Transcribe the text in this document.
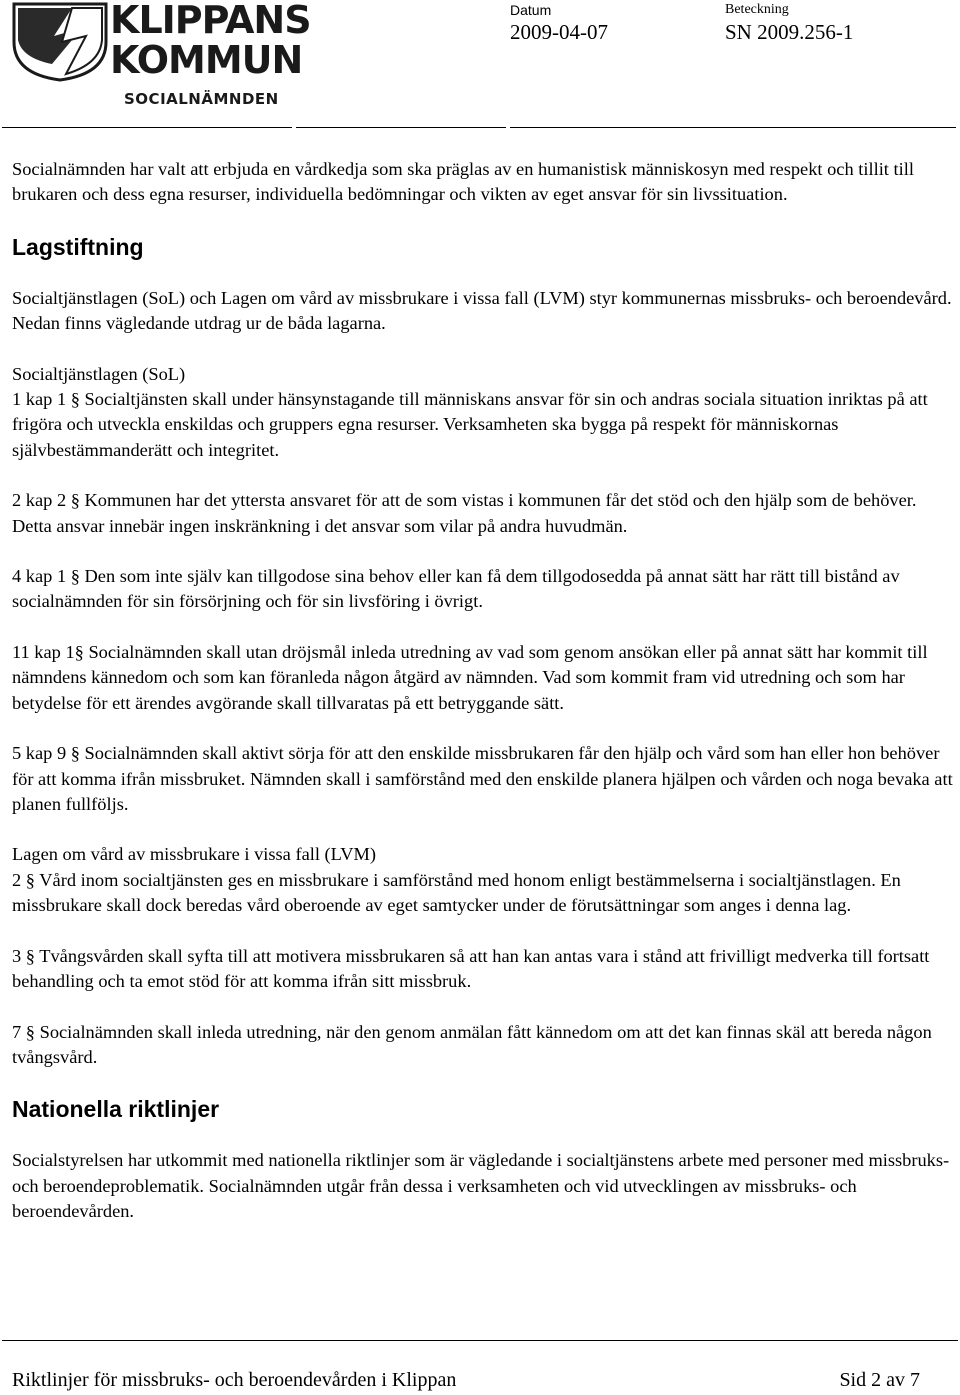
KLIPPANS
KOMMUN
SOCIALNÄMNDEN
Datum
2009-04-07
Beteckning
SN 2009.256-1

Socialnämnden har valt att erbjuda en vårdkedja som ska präglas av en humanistisk människosyn med respekt och tillit till brukaren och dess egna resurser, individuella bedömningar och vikten av eget ansvar för sin livssituation.

Lagstiftning

Socialtjänstlagen (SoL) och Lagen om vård av missbrukare i vissa fall (LVM) styr kommunernas missbruks- och beroendevård. Nedan finns vägledande utdrag ur de båda lagarna.

Socialtjänstlagen (SoL)

1 kap 1 § Socialtjänsten skall under hänsynstagande till människans ansvar för sin och andras sociala situation inriktas på att frigöra och utveckla enskildas och gruppers egna resurser. Verksamheten ska bygga på respekt för människornas självbestämmanderätt och integritet.

2 kap 2 § Kommunen har det yttersta ansvaret för att de som vistas i kommunen får det stöd och den hjälp som de behöver. Detta ansvar innebär ingen inskränkning i det ansvar som vilar på andra huvudmän.

4 kap 1 § Den som inte själv kan tillgodose sina behov eller kan få dem tillgodosedda på annat sätt har rätt till bistånd av socialnämnden för sin försörjning och för sin livsföring i övrigt.

11 kap 1§ Socialnämnden skall utan dröjsmål inleda utredning av vad som genom ansökan eller på annat sätt har kommit till nämndens kännedom och som kan föranleda någon åtgärd av nämnden. Vad som kommit fram vid utredning och som har betydelse för ett ärendes avgörande skall tillvaratas på ett betryggande sätt.

5 kap 9 § Socialnämnden skall aktivt sörja för att den enskilde missbrukaren får den hjälp och vård som han eller hon behöver för att komma ifrån missbruket. Nämnden skall i samförstånd med den enskilde planera hjälpen och vården och noga bevaka att planen fullföljs.

Lagen om vård av missbrukare i vissa fall (LVM)

2 § Vård inom socialtjänsten ges en missbrukare i samförstånd med honom enligt bestämmelserna i socialtjänstlagen. En missbrukare skall dock beredas vård oberoende av eget samtycker under de förutsättningar som anges i denna lag.

3 § Tvångsvården skall syfta till att motivera missbrukaren så att han kan antas vara i stånd att frivilligt medverka till fortsatt behandling och ta emot stöd för att komma ifrån sitt missbruk.

7 § Socialnämnden skall inleda utredning, när den genom anmälan fått kännedom om att det kan finnas skäl att bereda någon tvångsvård.

Nationella riktlinjer

Socialstyrelsen har utkommit med nationella riktlinjer som är vägledande i socialtjänstens arbete med personer med missbruks- och beroendeproblematik. Socialnämnden utgår från dessa i verksamheten och vid utvecklingen av missbruks- och beroendevården.

Riktlinjer för missbruks- och beroendevården i Klippan	Sid 2 av 7
